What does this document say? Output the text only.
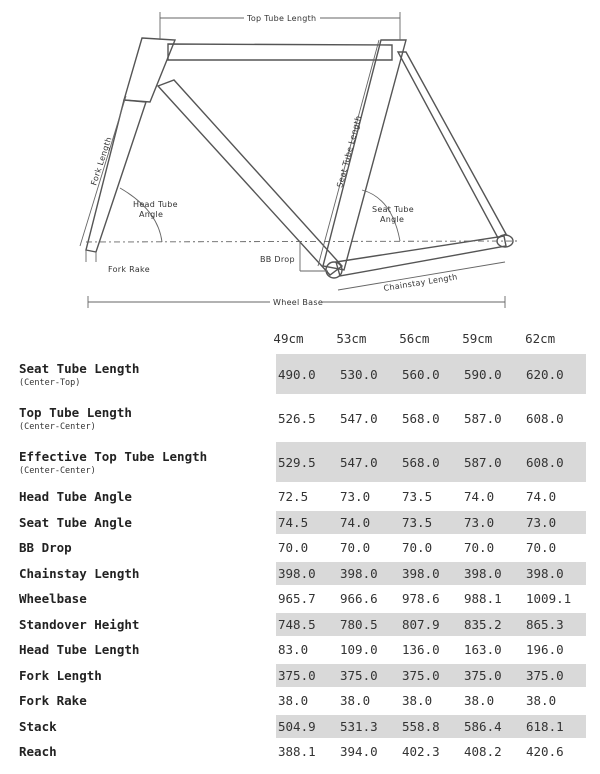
Top Tube Length
Fork Length
Head Tube
Angle
Seat Tube Length
Seat Tube
Angle
BB Drop
Fork Rake
Chainstay Length
Wheel Base
49cm	53cm	56cm	59cm	62cm
Seat Tube Length
(Center-Top)
490.0	530.0	560.0	590.0	620.0
Top Tube Length
(Center-Center)
526.5	547.0	568.0	587.0	608.0
Effective Top Tube Length
(Center-Center)
529.5	547.0	568.0	587.0	608.0
Head Tube Angle	72.5	73.0	73.5	74.0	74.0
Seat Tube Angle	74.5	74.0	73.5	73.0	73.0
BB Drop	70.0	70.0	70.0	70.0	70.0
Chainstay Length	398.0	398.0	398.0	398.0	398.0
Wheelbase	965.7	966.6	978.6	988.1	1009.1
Standover Height	748.5	780.5	807.9	835.2	865.3
Head Tube Length	83.0	109.0	136.0	163.0	196.0
Fork Length	375.0	375.0	375.0	375.0	375.0
Fork Rake	38.0	38.0	38.0	38.0	38.0
Stack	504.9	531.3	558.8	586.4	618.1
Reach	388.1	394.0	402.3	408.2	420.6
